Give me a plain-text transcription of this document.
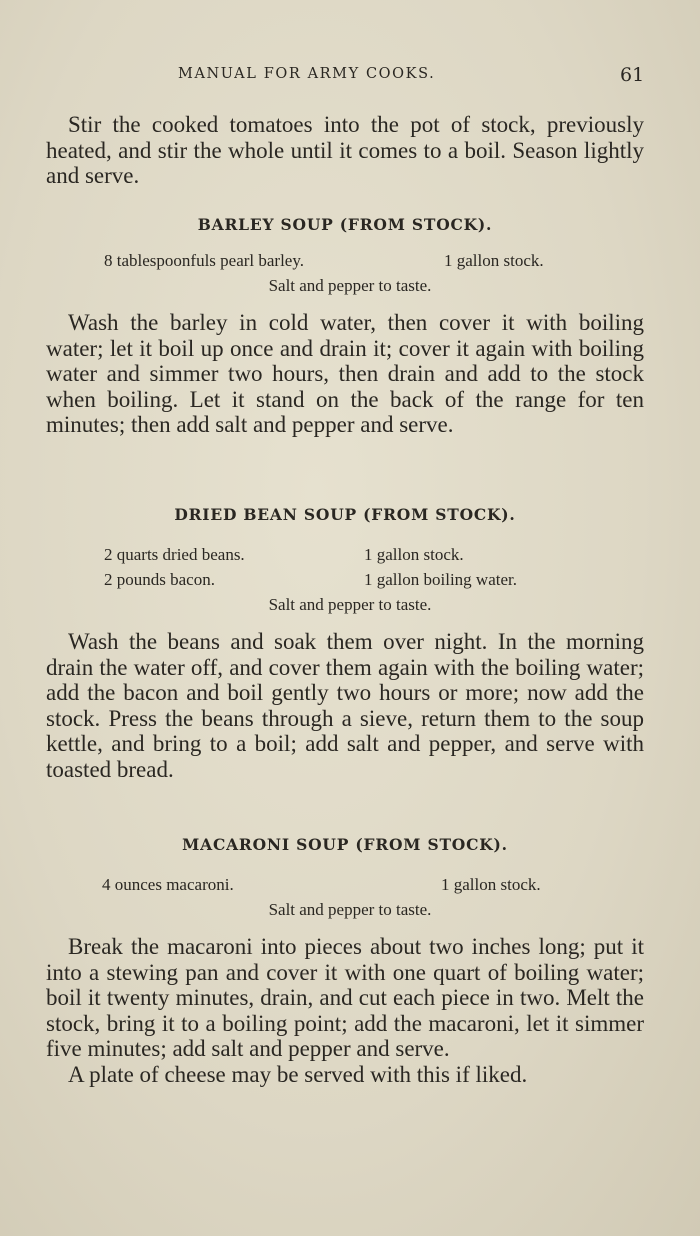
MANUAL FOR ARMY COOKS.	61

Stir the cooked tomatoes into the pot of stock, previously heated, and stir the whole until it comes to a boil. Season lightly and serve.

BARLEY SOUP (FROM STOCK).
8 tablespoonfuls pearl barley.	1 gallon stock.
Salt and pepper to taste.

Wash the barley in cold water, then cover it with boiling water; let it boil up once and drain it; cover it again with boiling water and simmer two hours, then drain and add to the stock when boiling. Let it stand on the back of the range for ten minutes; then add salt and pepper and serve.

DRIED BEAN SOUP (FROM STOCK).
2 quarts dried beans.	1 gallon stock.
2 pounds bacon.	1 gallon boiling water.
Salt and pepper to taste.

Wash the beans and soak them over night. In the morning drain the water off, and cover them again with the boiling water; add the bacon and boil gently two hours or more; now add the stock. Press the beans through a sieve, return them to the soup kettle, and bring to a boil; add salt and pepper, and serve with toasted bread.

MACARONI SOUP (FROM STOCK).
4 ounces macaroni.	1 gallon stock.
Salt and pepper to taste.

Break the macaroni into pieces about two inches long; put it into a stewing pan and cover it with one quart of boiling water; boil it twenty minutes, drain, and cut each piece in two. Melt the stock, bring it to a boiling point; add the macaroni, let it simmer five minutes; add salt and pepper and serve.

A plate of cheese may be served with this if liked.
